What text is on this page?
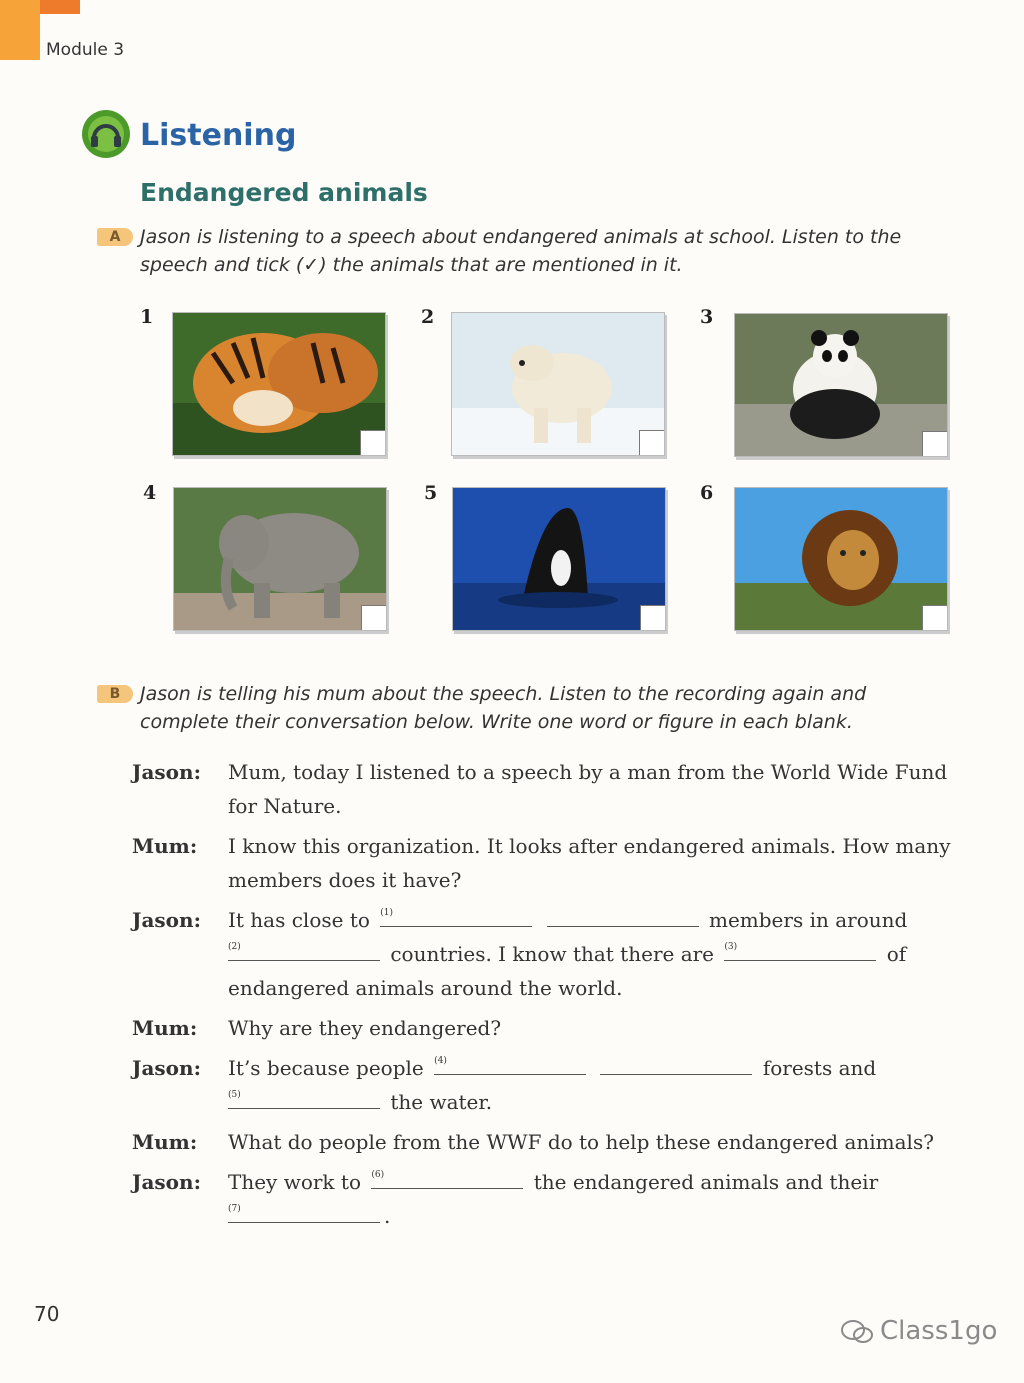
Module 3
Listening
Endangered animals
A	Jason is listening to a speech about endangered animals at school. Listen to the speech and tick (✓) the animals that are mentioned in it.
1	2	3
4	5	6
B	Jason is telling his mum about the speech. Listen to the recording again and complete their conversation below. Write one word or figure in each blank.
Jason:	Mum, today I listened to a speech by a man from the World Wide Fund for Nature.
Mum:	I know this organization. It looks after endangered animals. How many members does it have?
Jason:	It has close to (1)	members in around

(2)	countries. I know that there are (3)	of endangered animals around the world.
Mum:	Why are they endangered?
Jason:	It’s because people (4)	forests and

(5)	the water.
Mum:	What do people from the WWF do to help these endangered animals?
Jason:	They work to (6)	the endangered animals and their

(7)	.
70
Class1go
